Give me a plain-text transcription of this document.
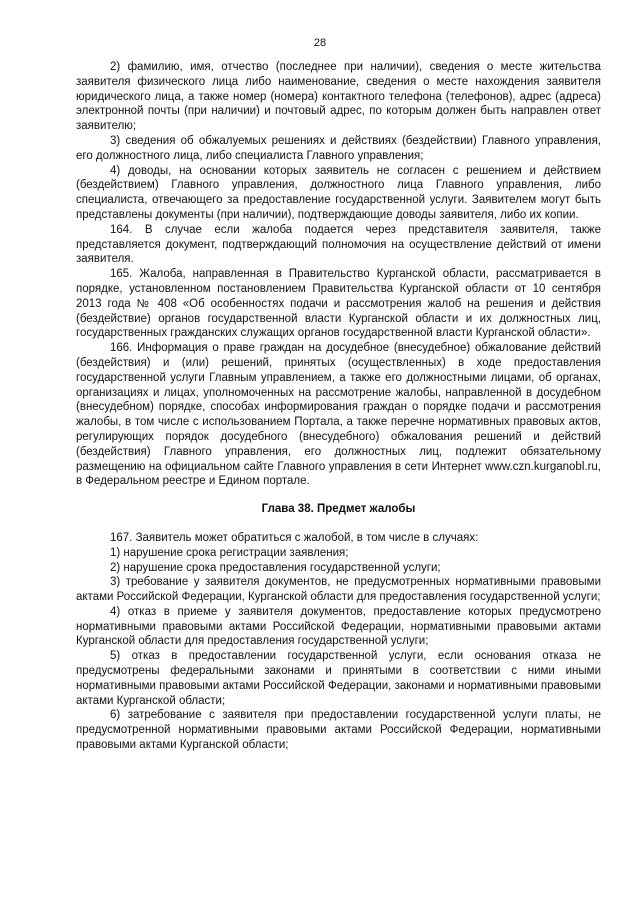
28

2) фамилию, имя, отчество (последнее при наличии), сведения о месте жительства заявителя физического лица либо наименование, сведения о месте нахождения заявителя юридического лица, а также номер (номера) контактного телефона (телефонов), адрес (адреса) электронной почты (при наличии) и почтовый адрес, по которым должен быть направлен ответ заявителю;

3) сведения об обжалуемых решениях и действиях (бездействии) Главного управления, его должностного лица, либо специалиста Главного управления;

4) доводы, на основании которых заявитель не согласен с решением и действием (бездействием) Главного управления, должностного лица Главного управления, либо специалиста, отвечающего за предоставление государственной услуги. Заявителем могут быть представлены документы (при наличии), подтверждающие доводы заявителя, либо их копии.

164. В случае если жалоба подается через представителя заявителя, также представляется документ, подтверждающий полномочия на осуществление действий от имени заявителя.

165. Жалоба, направленная в Правительство Курганской области, рассматривается в порядке, установленном постановлением Правительства Курганской области от 10 сентября 2013 года № 408 «Об особенностях подачи и рассмотрения жалоб на решения и действия (бездействие) органов государственной власти Курганской области и их должностных лиц, государственных гражданских служащих органов государственной власти Курганской области».

166. Информация о праве граждан на досудебное (внесудебное) обжалование действий (бездействия) и (или) решений, принятых (осуществленных) в ходе предоставления государственной услуги Главным управлением, а также его должностными лицами, об органах, организациях и лицах, уполномоченных на рассмотрение жалобы, направленной в досудебном (внесудебном) порядке, способах информирования граждан о порядке подачи и рассмотрения жалобы, в том числе с использованием Портала, а также перечне нормативных правовых актов, регулирующих порядок досудебного (внесудебного) обжалования решений и действий (бездействия) Главного управления, его должностных лиц, подлежит обязательному размещению на официальном сайте Главного управления в сети Интернет www.czn.kurganobl.ru, в Федеральном реестре и Едином портале.

Глава 38. Предмет жалобы

167. Заявитель может обратиться с жалобой, в том числе в случаях:

1) нарушение срока регистрации заявления;

2) нарушение срока предоставления государственной услуги;

3) требование у заявителя документов, не предусмотренных нормативными правовыми актами Российской Федерации, Курганской области для предоставления государственной услуги;

4) отказ в приеме у заявителя документов, предоставление которых предусмотрено нормативными правовыми актами Российской Федерации, нормативными правовыми актами Курганской области для предоставления государственной услуги;

5) отказ в предоставлении государственной услуги, если основания отказа не предусмотрены федеральными законами и принятыми в соответствии с ними иными нормативными правовыми актами Российской Федерации, законами и нормативными правовыми актами Курганской области;

6) затребование с заявителя при предоставлении государственной услуги платы, не предусмотренной нормативными правовыми актами Российской Федерации, нормативными правовыми актами Курганской области;
